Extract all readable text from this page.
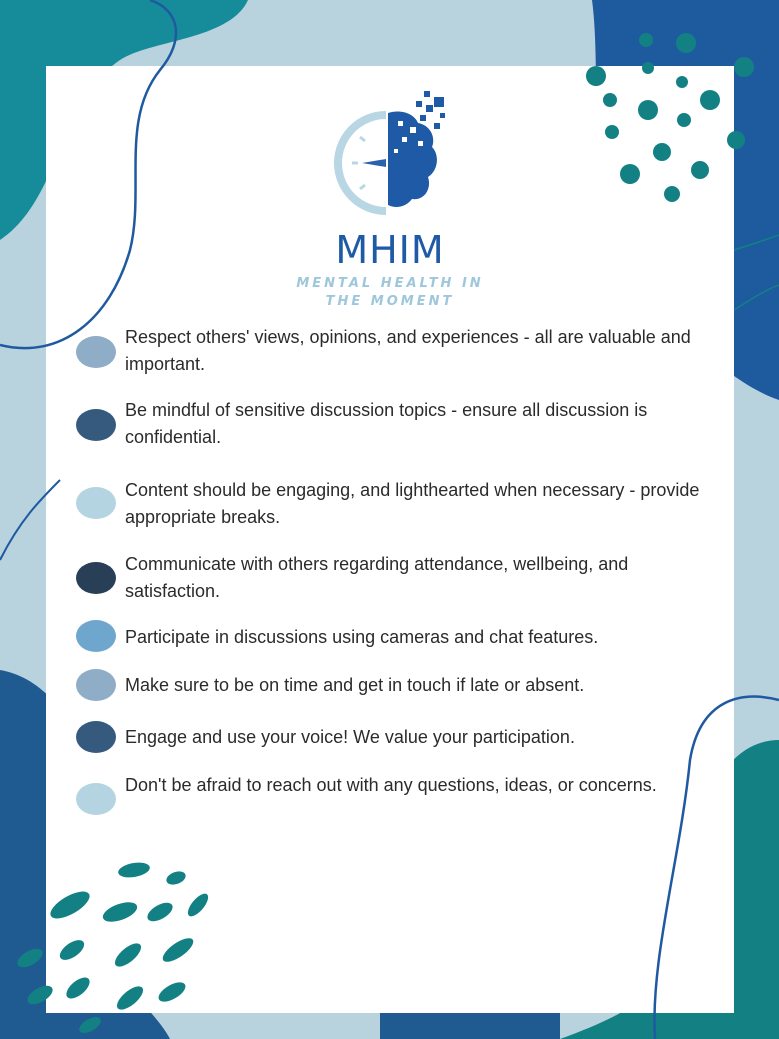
MHIM
MENTAL HEALTH IN
THE MOMENT
Respect others' views, opinions, and experiences - all are valuable and important.
Be mindful of sensitive discussion topics - ensure all discussion is confidential.
Content should be engaging, and lighthearted when necessary - provide appropriate breaks.
Communicate with others regarding attendance, wellbeing, and satisfaction.
Participate in discussions using cameras and chat features.
Make sure to be on time and get in touch if late or absent.
Engage and use your voice! We value your participation.
Don't be afraid to reach out with any questions, ideas, or concerns.
